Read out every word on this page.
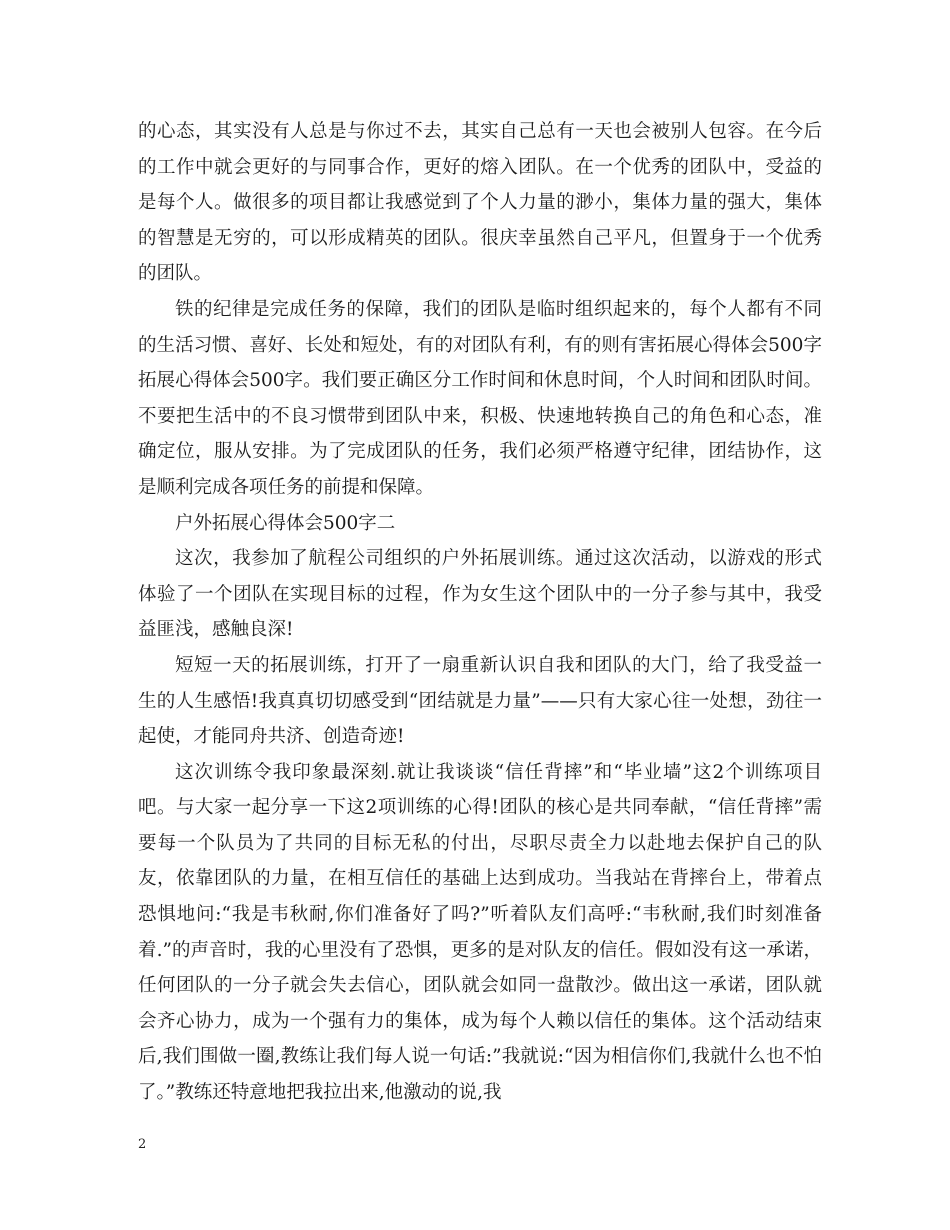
的心态，其实没有人总是与你过不去，其实自己总有一天也会被别人包容。在今后的工作中就会更好的与同事合作，更好的熔入团队。在一个优秀的团队中，受益的是每个人。做很多的项目都让我感觉到了个人力量的渺小，集体力量的强大，集体的智慧是无穷的，可以形成精英的团队。很庆幸虽然自己平凡，但置身于一个优秀的团队。

铁的纪律是完成任务的保障，我们的团队是临时组织起来的，每个人都有不同的生活习惯、喜好、长处和短处，有的对团队有利，有的则有害拓展心得体会500字拓展心得体会500字。我们要正确区分工作时间和休息时间，个人时间和团队时间。不要把生活中的不良习惯带到团队中来，积极、快速地转换自己的角色和心态，准确定位，服从安排。为了完成团队的任务，我们必须严格遵守纪律，团结协作，这是顺利完成各项任务的前提和保障。

户外拓展心得体会500字二

这次，我参加了航程公司组织的户外拓展训练。通过这次活动，以游戏的形式体验了一个团队在实现目标的过程，作为女生这个团队中的一分子参与其中，我受益匪浅，感触良深!

短短一天的拓展训练，打开了一扇重新认识自我和团队的大门，给了我受益一生的人生感悟!我真真切切感受到“团结就是力量”——只有大家心往一处想，劲往一起使，才能同舟共济、创造奇迹!

这次训练令我印象最深刻.就让我谈谈“信任背摔”和“毕业墙”这2个训练项目吧。与大家一起分享一下这2项训练的心得!团队的核心是共同奉献，“信任背摔”需要每一个队员为了共同的目标无私的付出，尽职尽责全力以赴地去保护自己的队友，依靠团队的力量，在相互信任的基础上达到成功。当我站在背摔台上，带着点恐惧地问:“我是韦秋耐,你们准备好了吗?”听着队友们高呼:“韦秋耐,我们时刻准备着.”的声音时，我的心里没有了恐惧，更多的是对队友的信任。假如没有这一承诺，任何团队的一分子就会失去信心，团队就会如同一盘散沙。做出这一承诺，团队就会齐心协力，成为一个强有力的集体，成为每个人赖以信任的集体。这个活动结束后,我们围做一圈,教练让我们每人说一句话:”我就说:“因为相信你们,我就什么也不怕了。”教练还特意地把我拉出来,他激动的说,我

2
